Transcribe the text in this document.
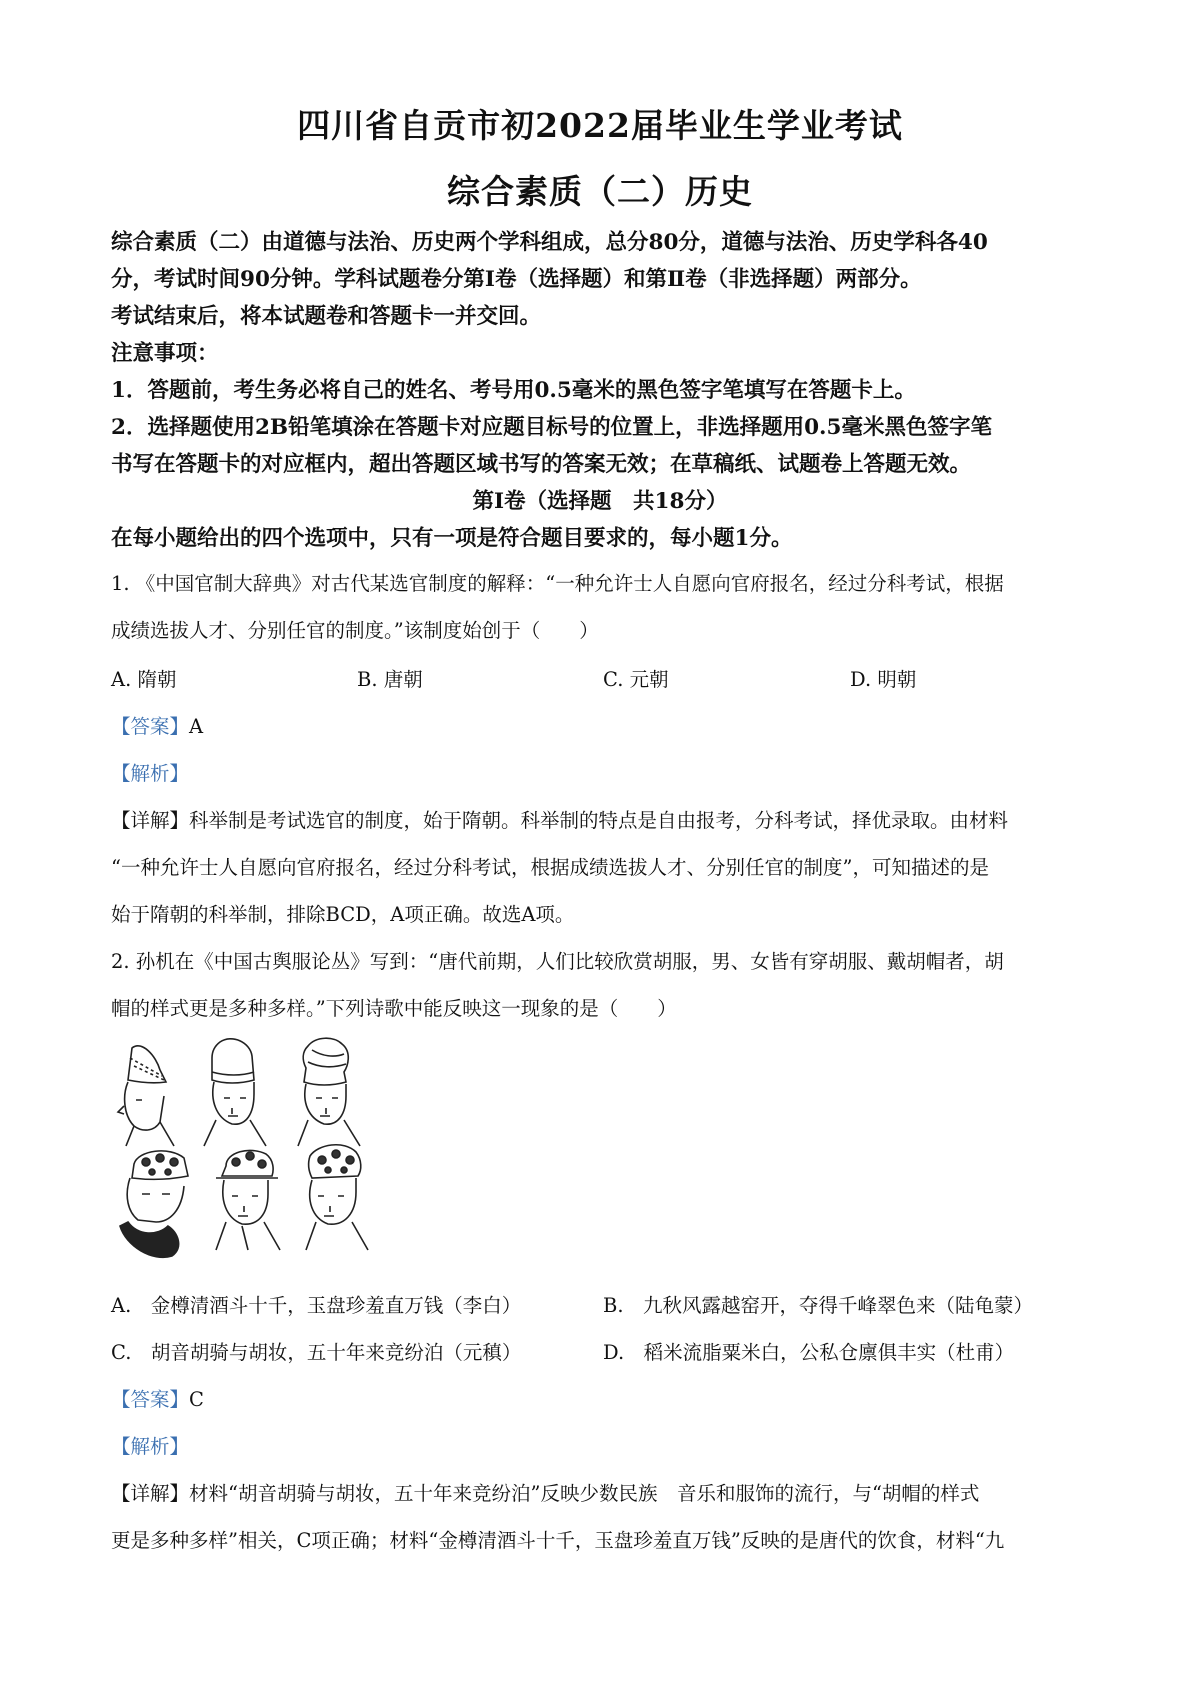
四川省自贡市初2022届毕业生学业考试
综合素质（二）历史
综合素质（二）由道德与法治、历史两个学科组成，总分80分，道德与法治、历史学科各40
分，考试时间90分钟。学科试题卷分第Ⅰ卷（选择题）和第Ⅱ卷（非选择题）两部分。
考试结束后，将本试题卷和答题卡一并交回。
注意事项：
1．答题前，考生务必将自己的姓名、考号用0.5毫米的黑色签字笔填写在答题卡上。
2．选择题使用2B铅笔填涂在答题卡对应题目标号的位置上，非选择题用0.5毫米黑色签字笔
书写在答题卡的对应框内，超出答题区域书写的答案无效；在草稿纸、试题卷上答题无效。
第Ⅰ卷（选择题　共18分）
在每小题给出的四个选项中，只有一项是符合题目要求的，每小题1分。
1. 《中国官制大辞典》对古代某选官制度的解释：“一种允许士人自愿向官府报名，经过分科考试，根据
成绩选拔人才、分别任官的制度。”该制度始创于（　　）
A. 隋朝	B. 唐朝	C. 元朝	D. 明朝
【答案】A
【解析】
【详解】科举制是考试选官的制度，始于隋朝。科举制的特点是自由报考，分科考试，择优录取。由材料
“一种允许士人自愿向官府报名，经过分科考试，根据成绩选拔人才、分别任官的制度”，可知描述的是
始于隋朝的科举制，排除BCD，A项正确。故选A项。
2. 孙机在《中国古舆服论丛》写到：“唐代前期，人们比较欣赏胡服，男、女皆有穿胡服、戴胡帽者，胡
帽的样式更是多种多样。”下列诗歌中能反映这一现象的是（　　）
A.　金樽清酒斗十千，玉盘珍羞直万钱（李白）	B.　九秋风露越窑开，夺得千峰翠色来（陆龟蒙）
C.　胡音胡骑与胡妆，五十年来竞纷泊（元稹）	D.　稻米流脂粟米白，公私仓廪俱丰实（杜甫）
【答案】C
【解析】
【详解】材料“胡音胡骑与胡妆，五十年来竞纷泊”反映少数民族　音乐和服饰的流行，与“胡帽的样式
更是多种多样”相关，C项正确；材料“金樽清酒斗十千，玉盘珍羞直万钱”反映的是唐代的饮食，材料“九
